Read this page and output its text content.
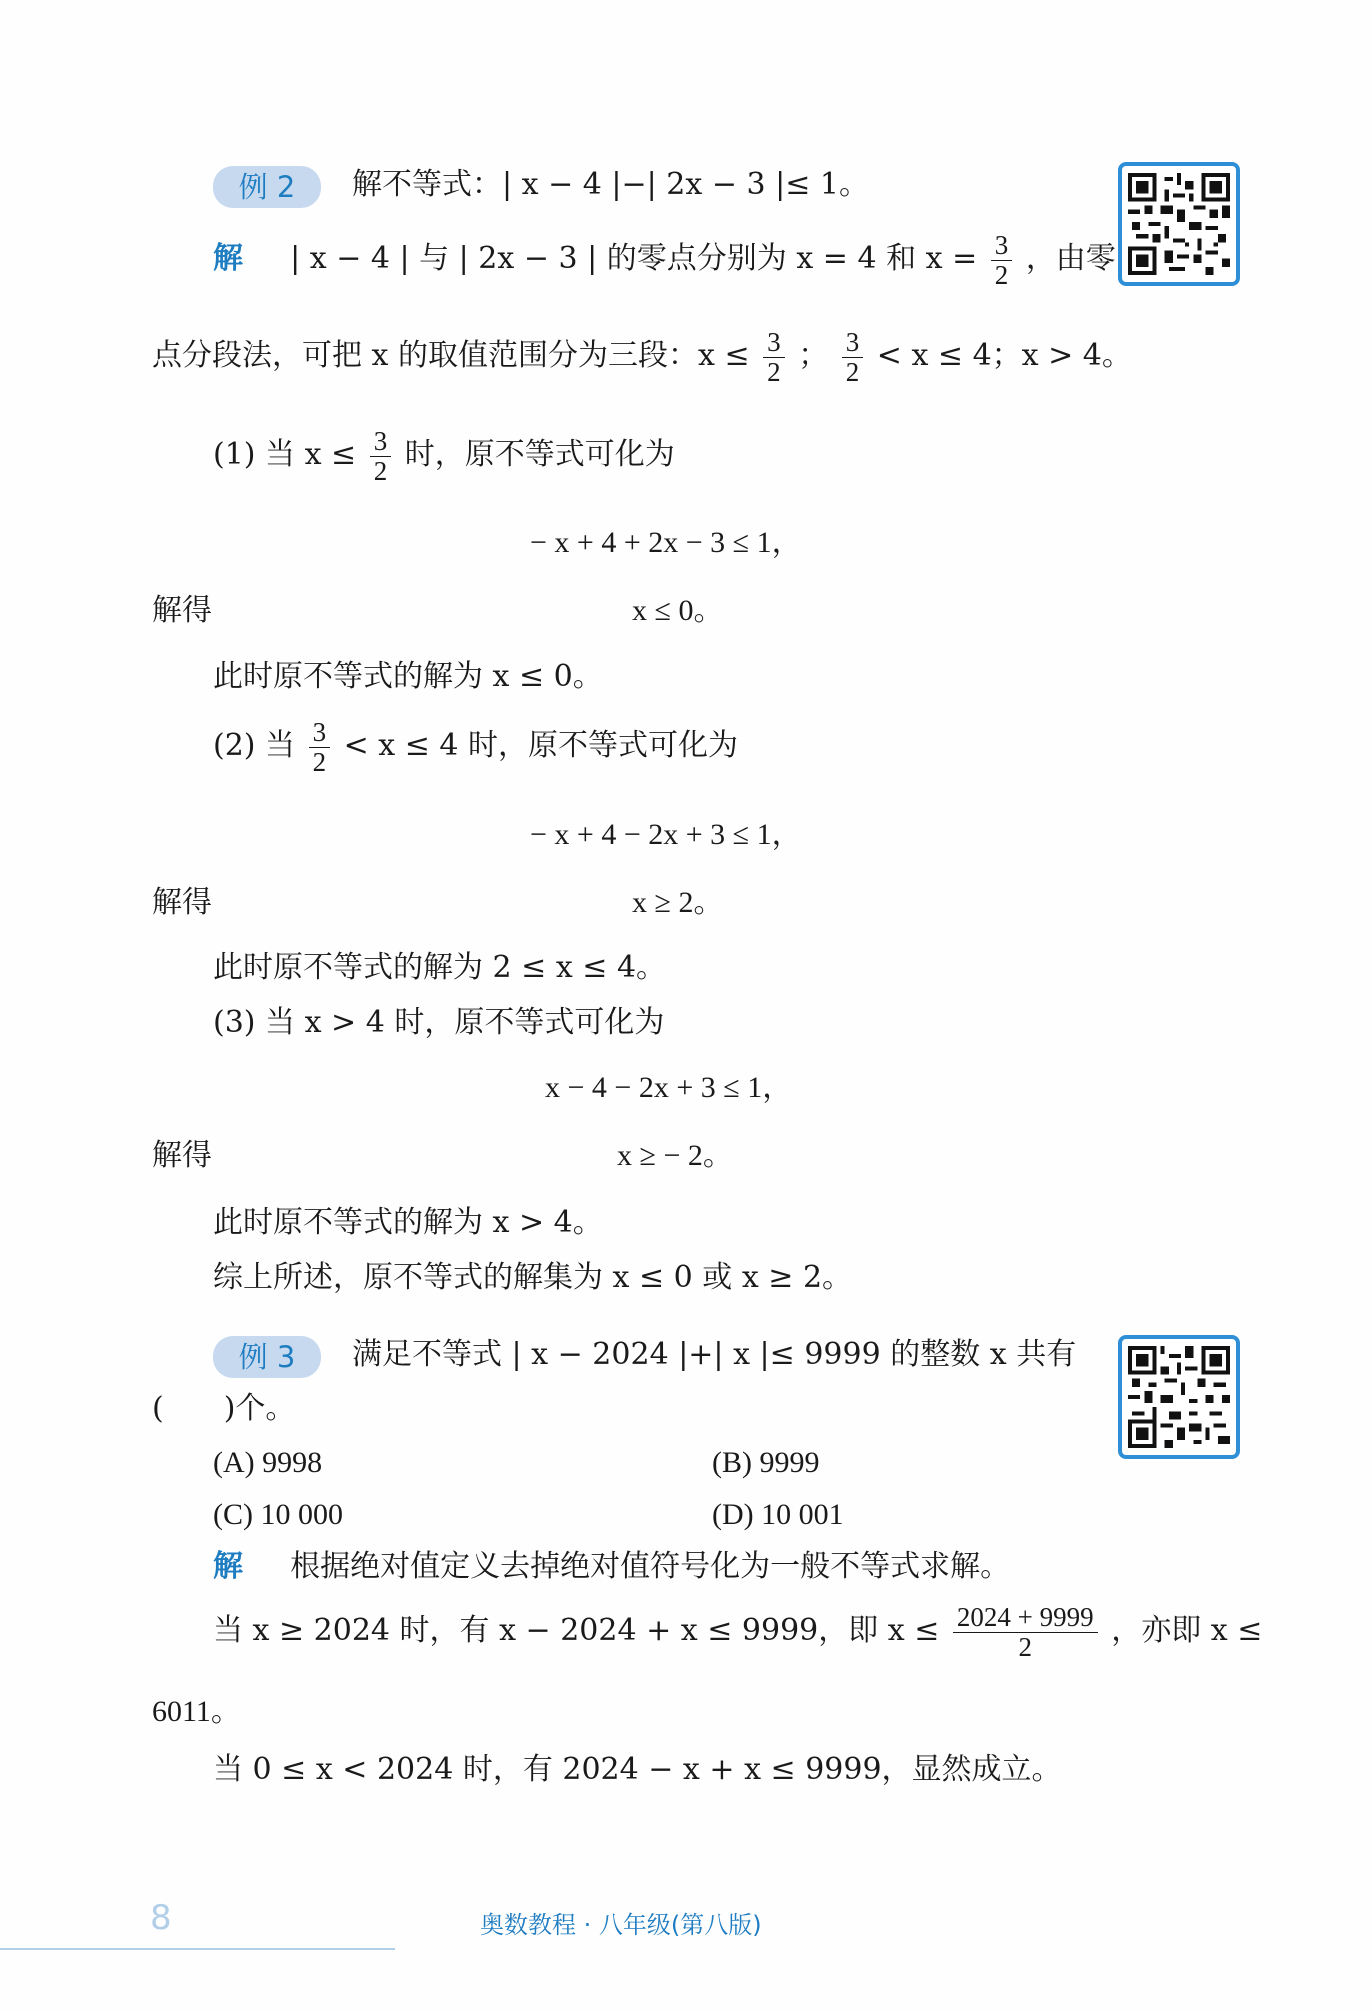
例 2	解不等式：| x − 4 |−| 2x − 3 |≤ 1。
解 | x − 4 | 与 | 2x − 3 | 的零点分别为 x = 4 和 $x = \frac{3}{2}$ ，由零
点分段法，可把 x 的取值范围分为三段：$x \le \frac{3}{2}$ ； $\frac{3}{2} < x \le 4$；x > 4。
(1) 当 $x \le \frac{3}{2}$ 时，原不等式可化为
− x + 4 + 2x − 3 ≤ 1，
解得	x ≤ 0。
此时原不等式的解为 x ≤ 0。
(2) 当 $\frac{3}{2} < x \le 4$ 时，原不等式可化为
− x + 4 − 2x + 3 ≤ 1，
解得	x ≥ 2。
此时原不等式的解为 2 ≤ x ≤ 4。
(3) 当 x > 4 时，原不等式可化为
x − 4 − 2x + 3 ≤ 1，
解得	x ≥ − 2。
此时原不等式的解为 x > 4。
综上所述，原不等式的解集为 x ≤ 0 或 x ≥ 2。
例 3	满足不等式 | x − 2024 |+| x |≤ 9999 的整数 x 共有
(　　)个。
(A) 9998	(B) 9999
(C) 10 000	(D) 10 001
解 根据绝对值定义去掉绝对值符号化为一般不等式求解。
当 x ≥ 2024 时，有 x − 2024 + x ≤ 9999，即 $x \le \frac{2024 + 9999}{2}$ ，亦即 x ≤
6011。
当 0 ≤ x < 2024 时，有 2024 − x + x ≤ 9999，显然成立。
8	奥数教程 · 八年级(第八版)
